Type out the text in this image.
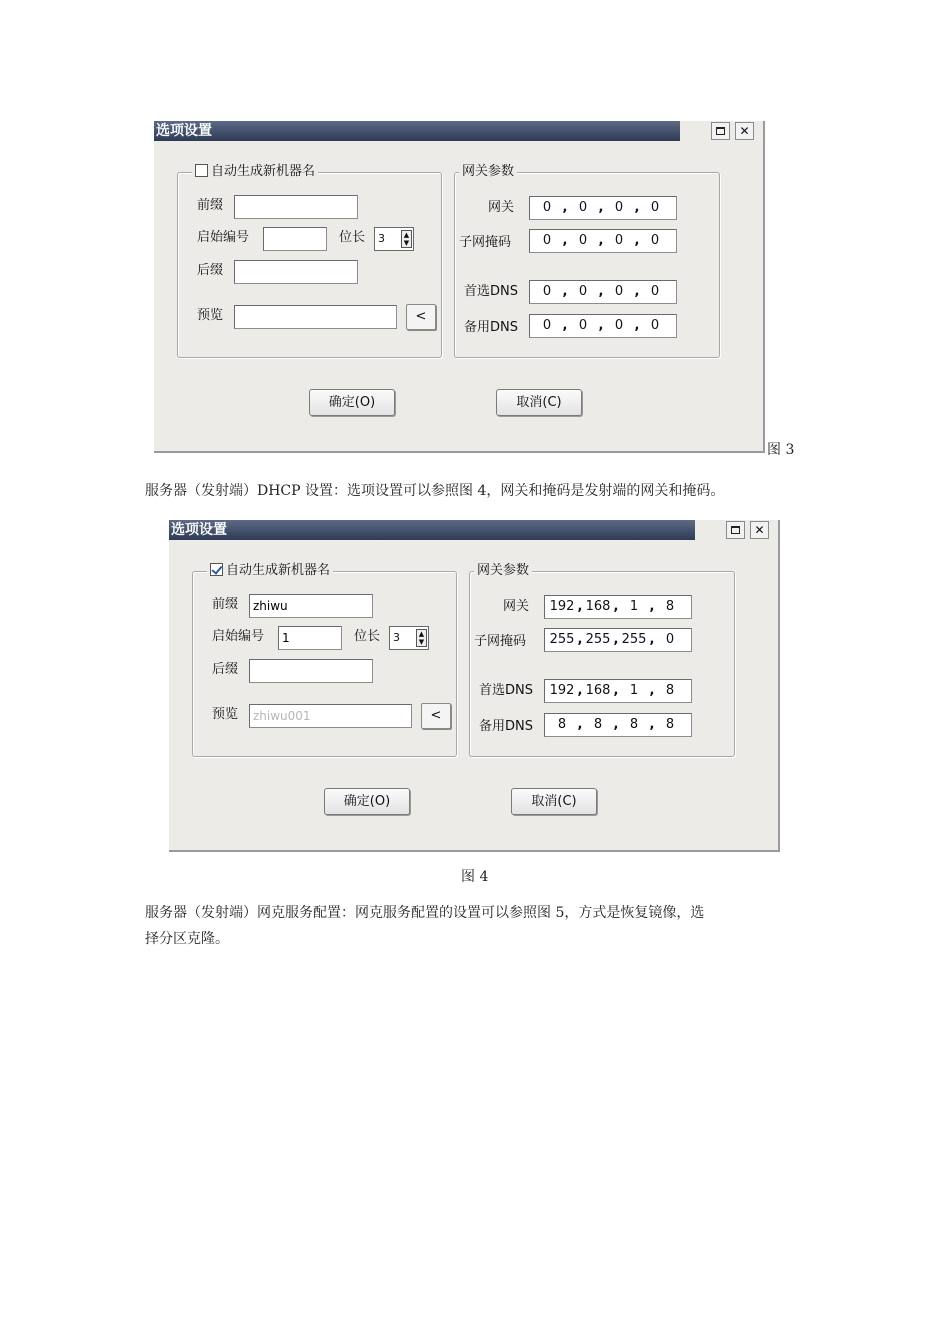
选项设置	✕
自动生成新机器名
前缀
启始编号	位长	3	▲
▼
后缀
预览	<
网关参数
网关	0 , 0 , 0 , 0
子网掩码	0 , 0 , 0 , 0
首选DNS	0 , 0 , 0 , 0
备用DNS	0 , 0 , 0 , 0
确定(O)	取消(C)
图 3
服务器（发射端）DHCP 设置：选项设置可以参照图 4，网关和掩码是发射端的网关和掩码。
选项设置	✕
自动生成新机器名
前缀	zhiwu
启始编号	1	位长	3	▲
▼
后缀
预览	zhiwu001	<
网关参数
网关 192 , 168 , 1 , 8
子网掩码 255 , 255 , 255 , 0
首选DNS 192 , 168 , 1 , 8
备用DNS	8 , 8 , 8 , 8
确定(O)	取消(C)
图 4
服务器（发射端）网克服务配置：网克服务配置的设置可以参照图 5，方式是恢复镜像，选
择分区克隆。
